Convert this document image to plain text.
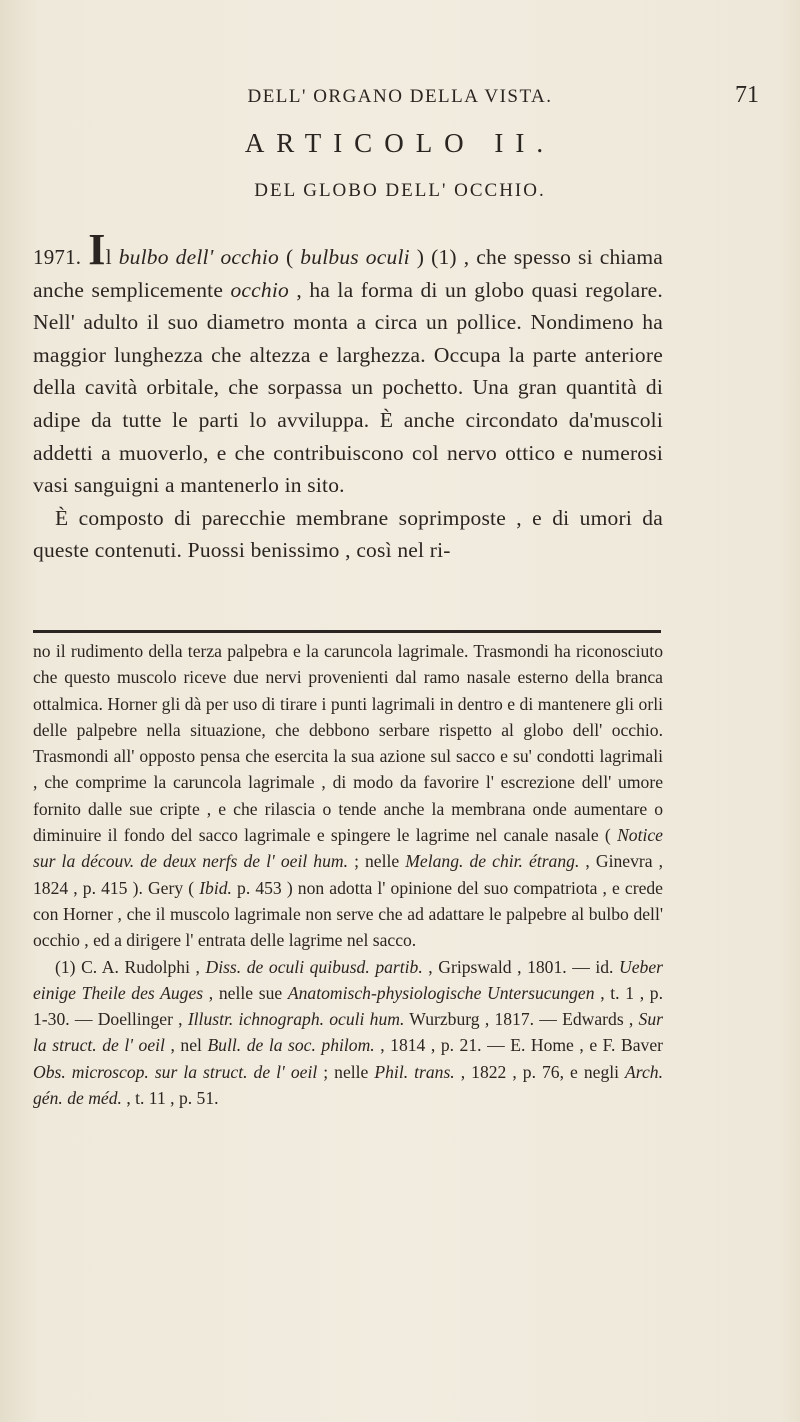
DELL' ORGANO DELLA VISTA.	71
ARTICOLO II.
DEL GLOBO DELL' OCCHIO.

1971. Il bulbo dell' occhio ( bulbus oculi ) (1) , che spesso si chiama anche semplicemente occhio , ha la forma di un globo quasi regolare. Nell' adulto il suo diametro monta a circa un pollice. Nondimeno ha maggior lunghezza che altezza e larghezza. Occupa la parte anteriore della cavità orbitale, che sorpassa un pochetto. Una gran quantità di adipe da tutte le parti lo avviluppa. È anche circondato da'muscoli addetti a muoverlo, e che contribuiscono col nervo ottico e numerosi vasi sanguigni a mantenerlo in sito.

È composto di parecchie membrane soprimposte , e di umori da queste contenuti. Puossi benissimo , così nel ri-

no il rudimento della terza palpebra e la caruncola lagrimale. Trasmondi ha riconosciuto che questo muscolo riceve due nervi provenienti dal ramo nasale esterno della branca ottalmica. Horner gli dà per uso di tirare i punti lagrimali in dentro e di mantenere gli orli delle palpebre nella situazione, che debbono serbare rispetto al globo dell' occhio. Trasmondi all' opposto pensa che esercita la sua azione sul sacco e su' condotti lagrimali , che comprime la caruncola lagrimale , di modo da favorire l' escrezione dell' umore fornito dalle sue cripte , e che rilascia o tende anche la membrana onde aumentare o diminuire il fondo del sacco lagrimale e spingere le lagrime nel canale nasale ( Notice sur la découv. de deux nerfs de l' oeil hum. ; nelle Melang. de chir. étrang. , Ginevra , 1824 , p. 415 ). Gery ( Ibid. p. 453 ) non adotta l' opinione del suo compatriota , e crede con Horner , che il muscolo lagrimale non serve che ad adattare le palpebre al bulbo dell' occhio , ed a dirigere l' entrata delle lagrime nel sacco.

(1) C. A. Rudolphi , Diss. de oculi quibusd. partib. , Gripswald , 1801. — id. Ueber einige Theile des Auges , nelle sue Anatomisch-physiologische Untersucungen , t. 1 , p. 1-30. — Doellinger , Illustr. ichnograph. oculi hum. Wurzburg , 1817. — Edwards , Sur la struct. de l' oeil , nel Bull. de la soc. philom. , 1814 , p. 21. — E. Home , e F. Baver Obs. microscop. sur la struct. de l' oeil ; nelle Phil. trans. , 1822 , p. 76, e negli Arch. gén. de méd. , t. 11 , p. 51.
